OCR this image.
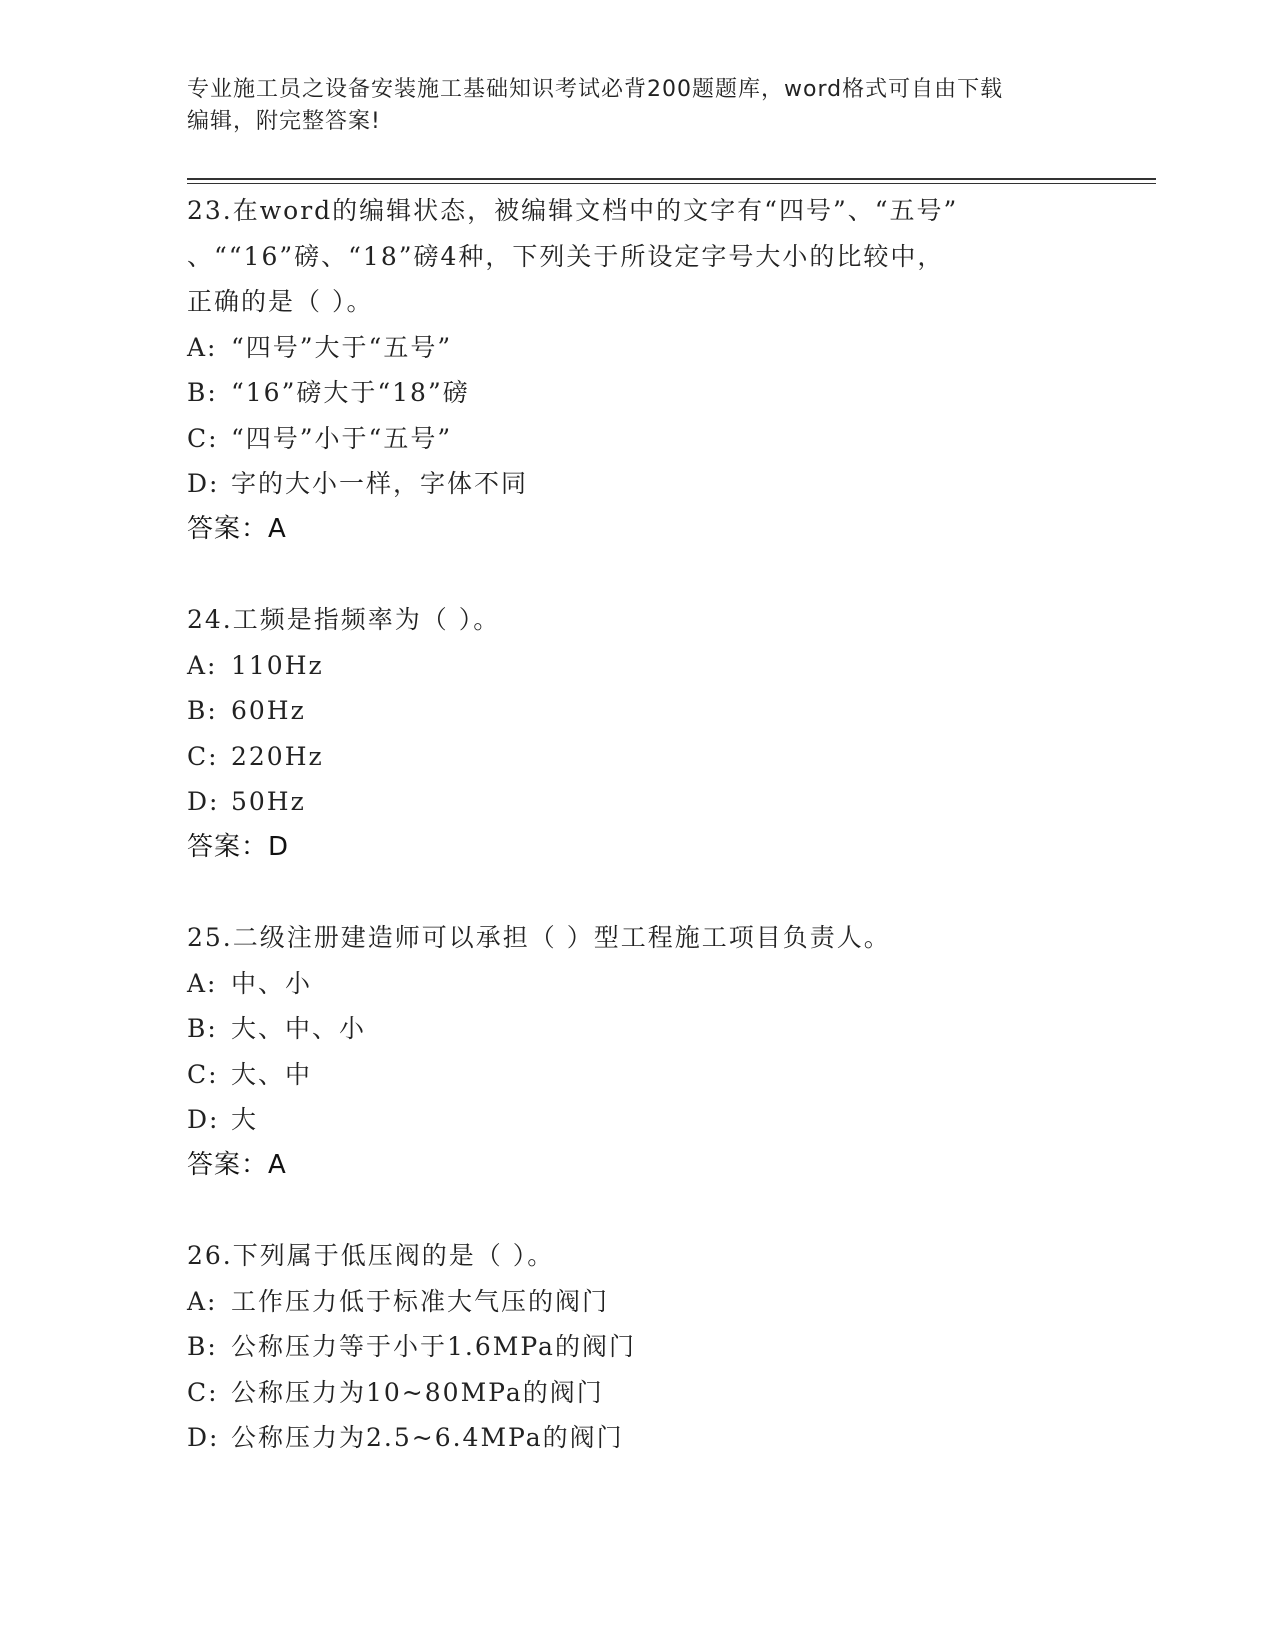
专业施工员之设备安装施工基础知识考试必背200题题库，word格式可自由下载
编辑，附完整答案!

23.在word的编辑状态，被编辑文档中的文字有“四号”、“五号”

、““16”磅、“18”磅4种，下列关于所设定字号大小的比较中，

正确的是（ ）。

A: “四号”大于“五号”

B: “16”磅大于“18”磅

C: “四号”小于“五号”

D: 字的大小一样，字体不同

答案：A

24.工频是指频率为（ ）。

A: 110Hz

B: 60Hz

C: 220Hz

D: 50Hz

答案：D

25.二级注册建造师可以承担（ ）型工程施工项目负责人。

A: 中、小

B: 大、中、小

C: 大、中

D: 大

答案：A

26.下列属于低压阀的是（ ）。

A: 工作压力低于标准大气压的阀门

B: 公称压力等于小于1.6MPa的阀门

C: 公称压力为10~80MPa的阀门

D: 公称压力为2.5~6.4MPa的阀门
